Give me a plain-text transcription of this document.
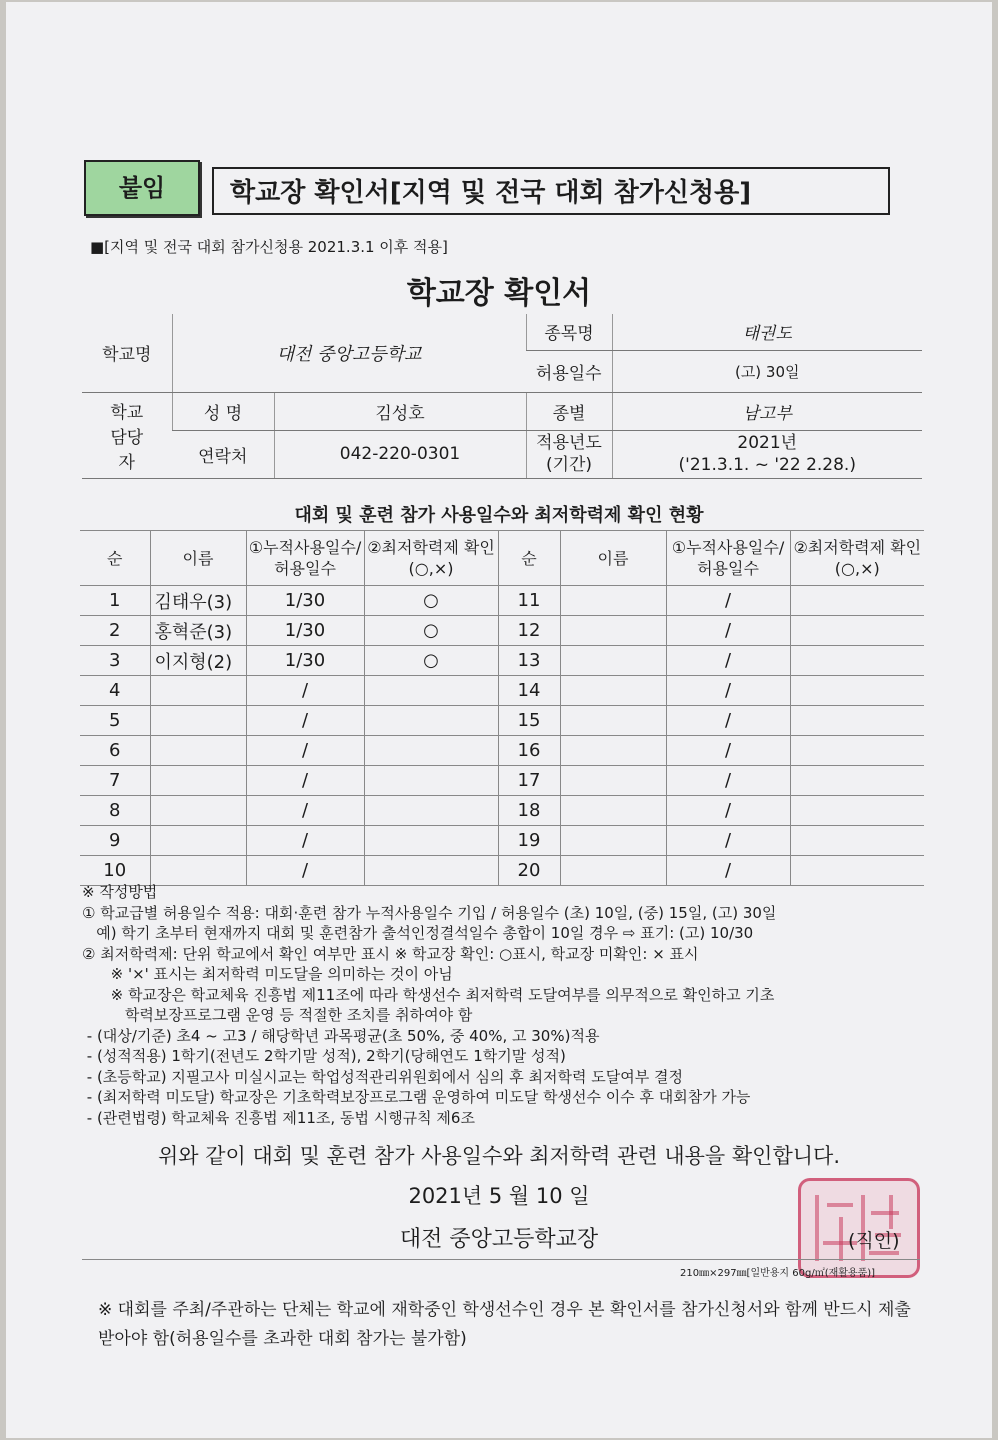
붙임	학교장 확인서[지역 및 전국 대회 참가신청용]
■[지역 및 전국 대회 참가신청용 2021.3.1 이후 적용]
학교장 확인서
학교명	대전 중앙고등학교		종목명	태권도
			허용일수	(고) 30일
학교 담당자	성 명	김성호	종별	남고부
	연락처	042-220-0301	적용년도 (기간)	2021년
('21.3.1. ~ '22 2.28.)
대회 및 훈련 참가 사용일수와 최저학력제 확인 현황
순	이름	①누적사용일수/허용일수	②최저학력제 확인(○,×)	순	이름	①누적사용일수/허용일수	②최저학력제 확인(○,×)
1	김태우(3)	1/30	○	11		/	
2	홍혁준(3)	1/30	○	12		/	
3	이지형(2)	1/30	○	13		/	
4		/		14		/	
5		/		15		/	
6		/		16		/	
7		/		17		/	
8		/		18		/	
9		/		19		/	
10		/		20		/	
※ 작성방법
① 학교급별 허용일수 적용: 대회·훈련 참가 누적사용일수 기입 / 허용일수 (초) 10일, (중) 15일, (고) 30일
예) 학기 초부터 현재까지 대회 및 훈련참가 출석인정결석일수 총합이 10일 경우 ⇨ 표기: (고) 10/30
② 최저학력제: 단위 학교에서 확인 여부만 표시 ※ 학교장 확인: ○표시, 학교장 미확인: × 표시
※ '×' 표시는 최저학력 미도달을 의미하는 것이 아님
※ 학교장은 학교체육 진흥법 제11조에 따라 학생선수 최저학력 도달여부를 의무적으로 확인하고 기초
학력보장프로그램 운영 등 적절한 조치를 취하여야 함
- (대상/기준) 초4 ~ 고3 / 해당학년 과목평균(초 50%, 중 40%, 고 30%)적용
- (성적적용) 1학기(전년도 2학기말 성적), 2학기(당해연도 1학기말 성적)
- (초등학교) 지필고사 미실시교는 학업성적관리위원회에서 심의 후 최저학력 도달여부 결정
- (최저학력 미도달) 학교장은 기초학력보장프로그램 운영하여 미도달 학생선수 이수 후 대회참가 가능
- (관련법령) 학교체육 진흥법 제11조, 동법 시행규칙 제6조
위와 같이 대회 및 훈련 참가 사용일수와 최저학력 관련 내용을 확인합니다.
2021년 5 월 10 일
대전 중앙고등학교장	(직인)
210㎜×297㎜[일반용지 60g/㎡(재활용품)]
※ 대회를 주최/주관하는 단체는 학교에 재학중인 학생선수인 경우 본 확인서를 참가신청서와 함께 반드시 제출받아야 함(허용일수를 초과한 대회 참가는 불가함)
